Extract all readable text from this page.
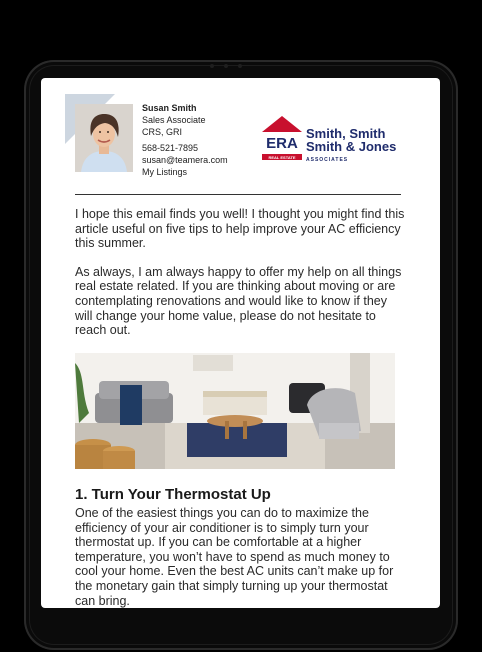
Susan Smith
Sales Associate
CRS, GRI
568-521-7895
susan@teamera.com
My Listings
ERA
REAL ESTATE
Smith, Smith
Smith & Jones
ASSOCIATES

I hope this email finds you well! I thought you might find this article useful on five tips to help improve your AC efficiency this summer.

As always, I am always happy to offer my help on all things real estate related. If you are thinking about moving or are contemplating renovations and would like to know if they will change your home value, please do not hesitate to reach out.

1. Turn Your Thermostat Up
One of the easiest things you can do to maximize the efficiency of your air conditioner is to simply turn your thermostat up. If you can be comfortable at a higher temperature, you won’t have to spend as much money to cool your home. Even the best AC units can’t make up for the monetary gain that simply turning up your thermostat can bring.
